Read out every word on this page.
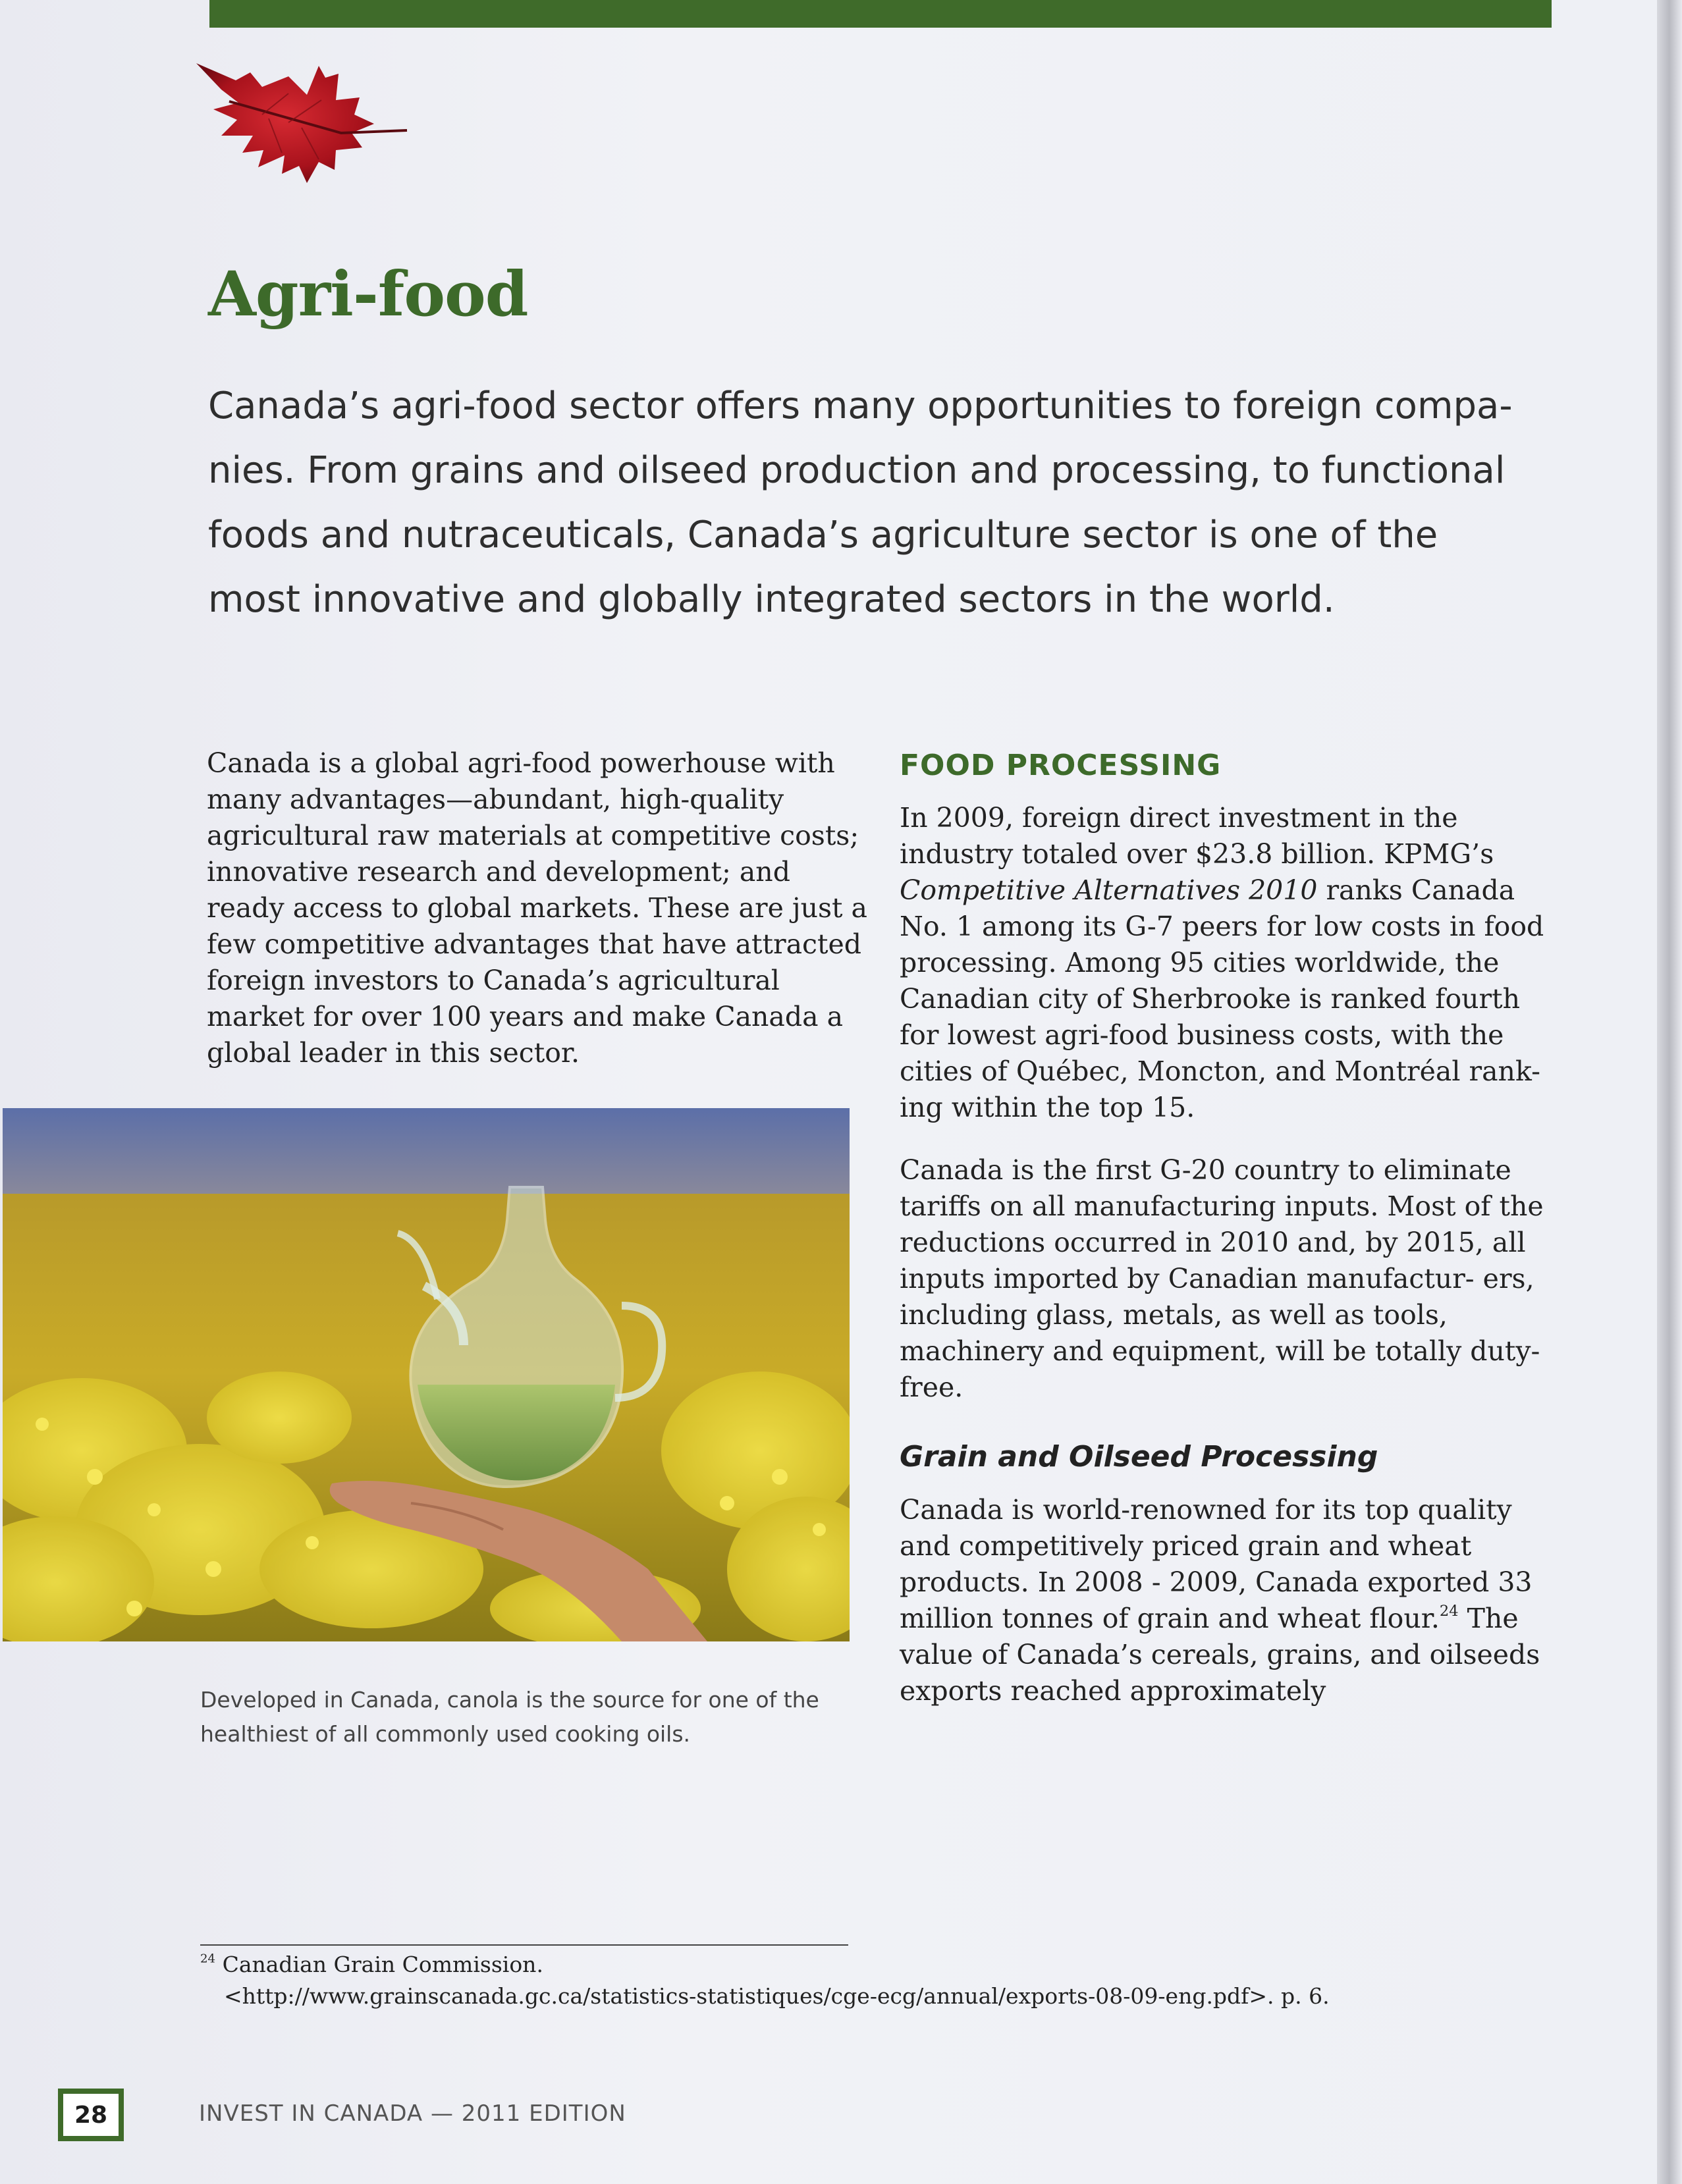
Agri-food

Canada’s agri-food sector offers many opportunities to foreign compa- nies. From grains and oilseed production and processing, to functional foods and nutraceuticals, Canada’s agriculture sector is one of the most innovative and globally integrated sectors in the world.

Canada is a global agri-food powerhouse with many advantages—abundant, high-quality agricultural raw materials at competitive costs; innovative research and development; and ready access to global markets. These are just a few competitive advantages that have attracted foreign investors to Canada’s agricultural market for over 100 years and make Canada a global leader in this sector.

Developed in Canada, canola is the source for one of the healthiest of all commonly used cooking oils.

FOOD PROCESSING

In 2009, foreign direct investment in the industry totaled over $23.8 billion. KPMG’s Competitive Alternatives 2010 ranks Canada No. 1 among its G-7 peers for low costs in food processing. Among 95 cities worldwide, the Canadian city of Sherbrooke is ranked fourth for lowest agri-food business costs, with the cities of Québec, Moncton, and Montréal rank- ing within the top 15.

Canada is the first G-20 country to eliminate tariffs on all manufacturing inputs. Most of the reductions occurred in 2010 and, by 2015, all inputs imported by Canadian manufactur- ers, including glass, metals, as well as tools, machinery and equipment, will be totally duty-free.

Grain and Oilseed Processing

Canada is world-renowned for its top quality and competitively priced grain and wheat products. In 2008 - 2009, Canada exported 33 million tonnes of grain and wheat flour.$^{24}$ The value of Canada’s cereals, grains, and oilseeds exports reached approximately

$^{24}$ Canadian Grain Commission.
<http://www.grainscanada.gc.ca/statistics-statistiques/cge-ecg/annual/exports-08-09-eng.pdf>. p. 6.

28	INVEST IN CANADA — 2011 EDITION
